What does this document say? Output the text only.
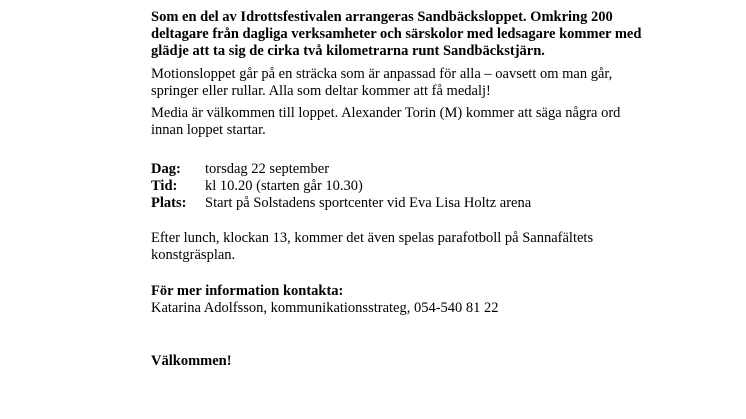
Som en del av Idrottsfestivalen arrangeras Sandbäcksloppet. Omkring 200 deltagare från dagliga verksamheter och särskolor med ledsagare kommer med glädje att ta sig de cirka två kilometrarna runt Sandbäckstjärn.

Motionsloppet går på en sträcka som är anpassad för alla – oavsett om man går, springer eller rullar. Alla som deltar kommer att få medalj!

Media är välkommen till loppet. Alexander Torin (M) kommer att säga några ord innan loppet startar.

Dag:	torsdag 22 september
Tid:	kl 10.20 (starten går 10.30)
Plats:	Start på Solstadens sportcenter vid Eva Lisa Holtz arena

Efter lunch, klockan 13, kommer det även spelas parafotboll på Sannafältets konstgräsplan.

För mer information kontakta:

Katarina Adolfsson, kommunikationsstrateg, 054-540 81 22

Välkommen!
